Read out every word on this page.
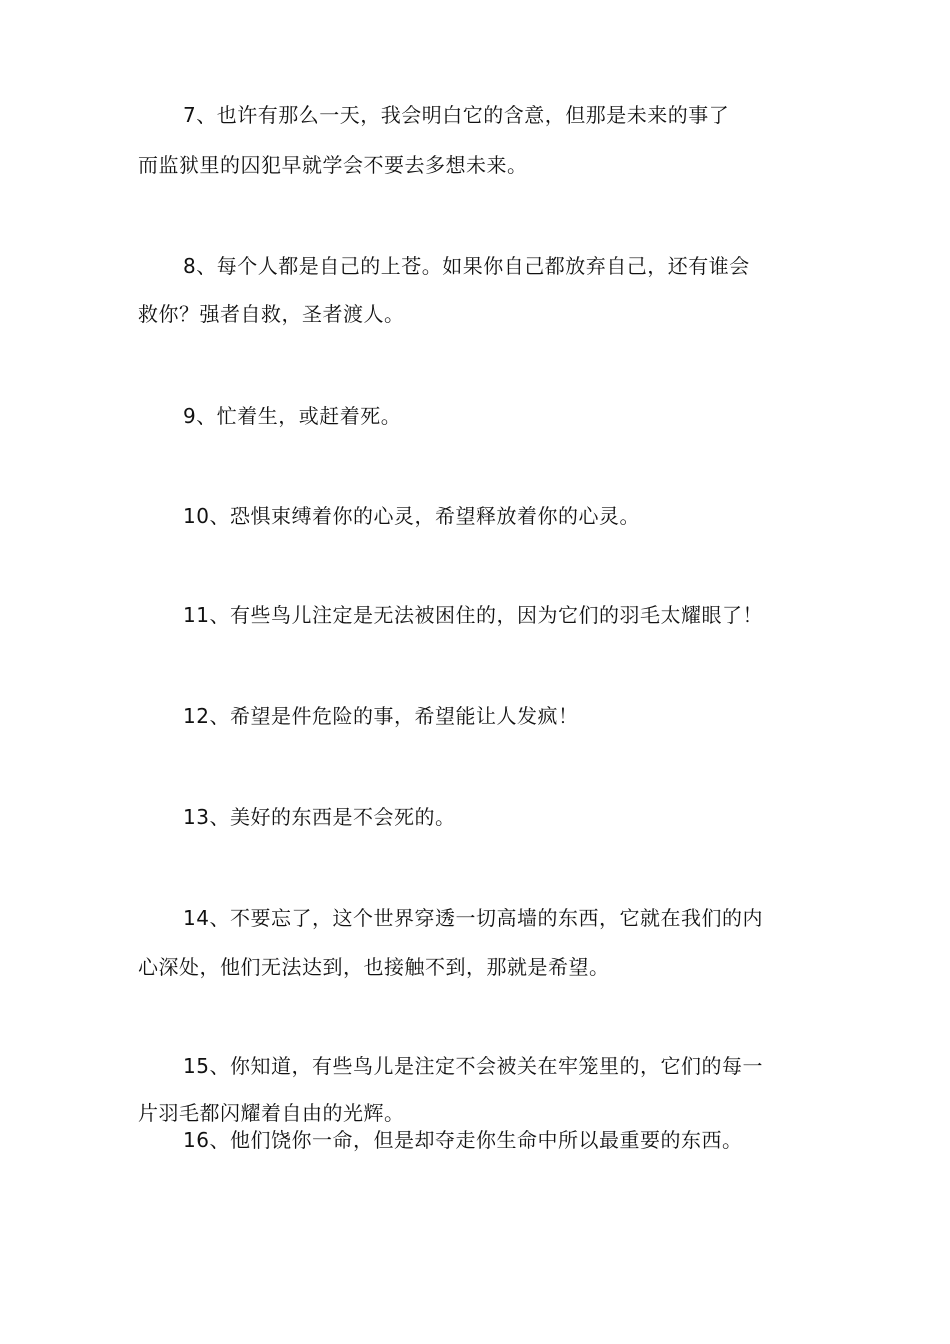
7、也许有那么一天，我会明白它的含意，但那是未来的事了
而监狱里的囚犯早就学会不要去多想未来。
8、每个人都是自己的上苍。如果你自己都放弃自己，还有谁会
救你？强者自救，圣者渡人。
9、忙着生，或赶着死。
10、恐惧束缚着你的心灵，希望释放着你的心灵。
11、有些鸟儿注定是无法被困住的，因为它们的羽毛太耀眼了！
12、希望是件危险的事，希望能让人发疯！
13、美好的东西是不会死的。
14、不要忘了，这个世界穿透一切高墙的东西，它就在我们的内
心深处，他们无法达到，也接触不到，那就是希望。
15、你知道，有些鸟儿是注定不会被关在牢笼里的，它们的每一
片羽毛都闪耀着自由的光辉。
16、他们饶你一命，但是却夺走你生命中所以最重要的东西。
